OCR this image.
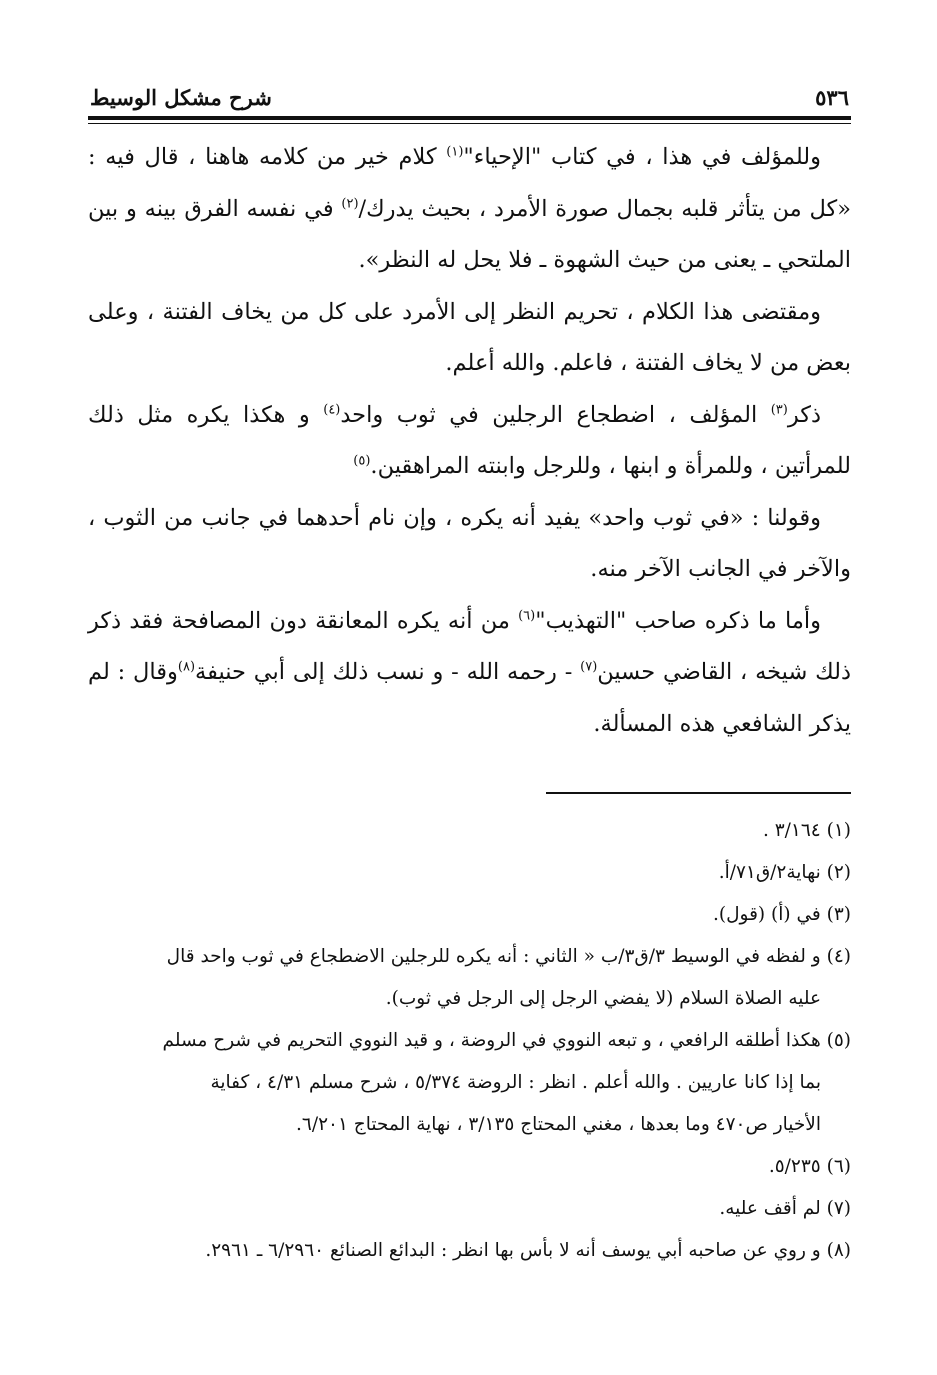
٥٣٦
شرح مشكل الوسيط

وللمؤلف في هذا ، في كتاب "الإحياء"$^{(١)}$ كلام خير من كلامه هاهنا ، قال فيه : «كل من يتأثر قلبه بجمال صورة الأمرد ، بحيث يدرك/$^{(٢)}$ في نفسه الفرق بينه و بين الملتحي ـ يعنى من حيث الشهوة ـ فلا يحل له النظر».

ومقتضى هذا الكلام ، تحريم النظر إلى الأمرد على كل من يخاف الفتنة ، وعلى بعض من لا يخاف الفتنة ، فاعلم. والله أعلم.

ذكر$^{(٣)}$ المؤلف ، اضطجاع الرجلين في ثوب واحد$^{(٤)}$ و هكذا يكره مثل ذلك للمرأتين ، وللمرأة و ابنها ، وللرجل وابنته المراهقين.$^{(٥)}$

وقولنا : «في ثوب واحد» يفيد أنه يكره ، وإن نام أحدهما في جانب من الثوب ، والآخر في الجانب الآخر منه.

وأما ما ذكره صاحب "التهذيب"$^{(٦)}$ من أنه يكره المعانقة دون المصافحة فقد ذكر ذلك شيخه ، القاضي حسين$^{(٧)}$ - رحمه الله - و نسب ذلك إلى أبي حنيفة$^{(٨)}$وقال : لم يذكر الشافعي هذه المسألة.

(١) ٣/١٦٤ .

(٢) نهاية٢/ق٧١/أ.

(٣) في (أ) (قول).

(٤) و لفظه في الوسيط ٣/ق٣/ب « الثاني : أنه يكره للرجلين الاضطجاع في ثوب واحد قال

عليه الصلاة السلام (لا يفضي الرجل إلى الرجل في ثوب).

(٥) هكذا أطلقه الرافعي ، و تبعه النووي في الروضة ، و قيد النووي التحريم في شرح مسلم

بما إذا كانا عاريين . والله أعلم . انظر : الروضة ٥/٣٧٤ ، شرح مسلم ٤/٣١ ، كفاية

الأخيار ص٤٧٠ وما بعدها ، مغني المحتاج ٣/١٣٥ ، نهاية المحتاج ٦/٢٠١.

(٦) ٥/٢٣٥.

(٧) لم أقف عليه.

(٨) و روي عن صاحبه أبي يوسف أنه لا بأس بها انظر : البدائع الصنائع ٦/٢٩٦٠ ـ ٢٩٦١.
